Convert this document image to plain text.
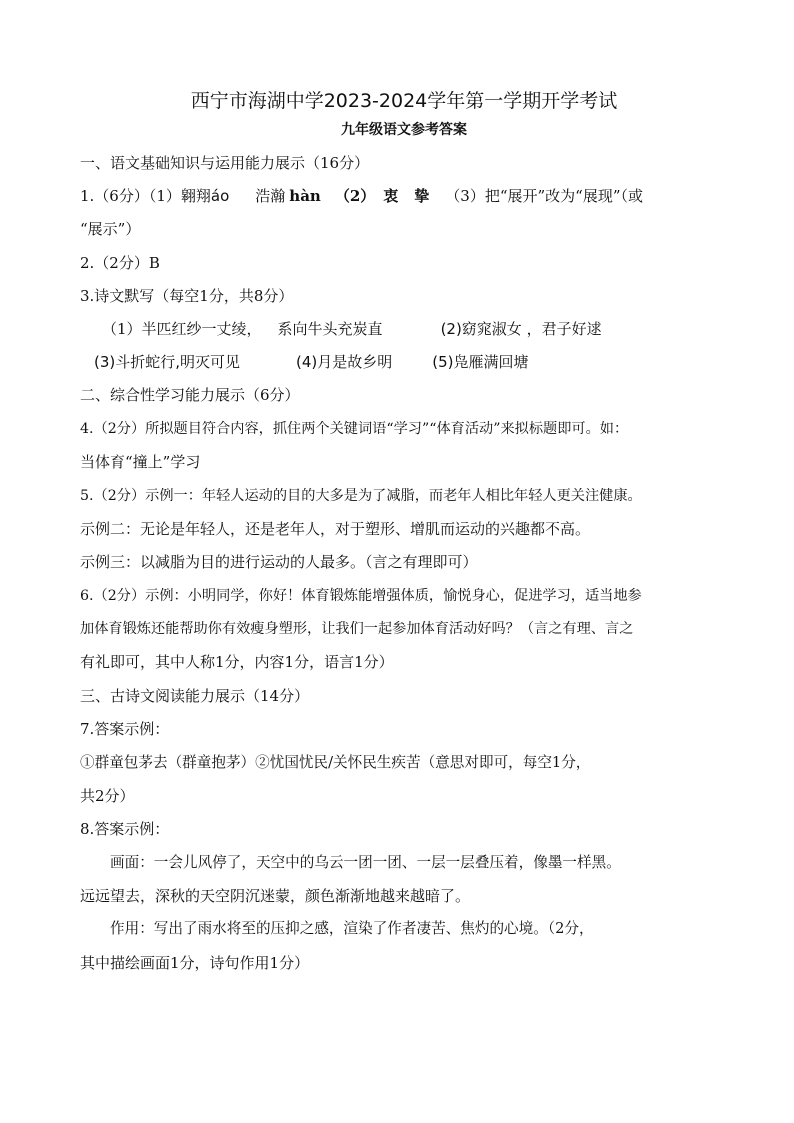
西宁市海湖中学2023-2024学年第一学期开学考试
九年级语文参考答案
一、语文基础知识与运用能力展示（16分）
1.（6分）（1）翱翔áo 浩瀚 hàn （2） 衷 挚 （3）把“展开”改为“展现”（或
“展示”）
2.（2分）B
3.诗文默写（每空1分，共8分）
（1）半匹红纱一丈绫， 系向牛头充炭直	(2)窈窕淑女 ，君子好逑
(3)斗折蛇行,明灭可见	(4)月是故乡明	(5)凫雁满回塘
二、综合性学习能力展示（6分）
4.（2分）所拟题目符合内容，抓住两个关键词语“学习”“体育活动”来拟标题即可。如：
当体育“撞上”学习
5.（2分）示例一：年轻人运动的目的大多是为了减脂，而老年人相比年轻人更关注健康。
示例二：无论是年轻人，还是老年人，对于塑形、增肌而运动的兴趣都不高。
示例三：以减脂为目的进行运动的人最多。（言之有理即可）
6.（2分）示例：小明同学，你好！体育锻炼能增强体质，愉悦身心，促进学习，适当地参
加体育锻炼还能帮助你有效瘦身塑形，让我们一起参加体育活动好吗？（言之有理、言之
有礼即可，其中人称1分，内容1分，语言1分）
三、古诗文阅读能力展示（14分）
7.答案示例：
①群童包茅去（群童抱茅）②忧国忧民/关怀民生疾苦（意思对即可，每空1分，
共2分）
8.答案示例：
画面：一会儿风停了，天空中的乌云一团一团、一层一层叠压着，像墨一样黑。
远远望去，深秋的天空阴沉迷蒙，颜色渐渐地越来越暗了。
作用：写出了雨水将至的压抑之感，渲染了作者凄苦、焦灼的心境。（2分，
其中描绘画面1分，诗句作用1分）
